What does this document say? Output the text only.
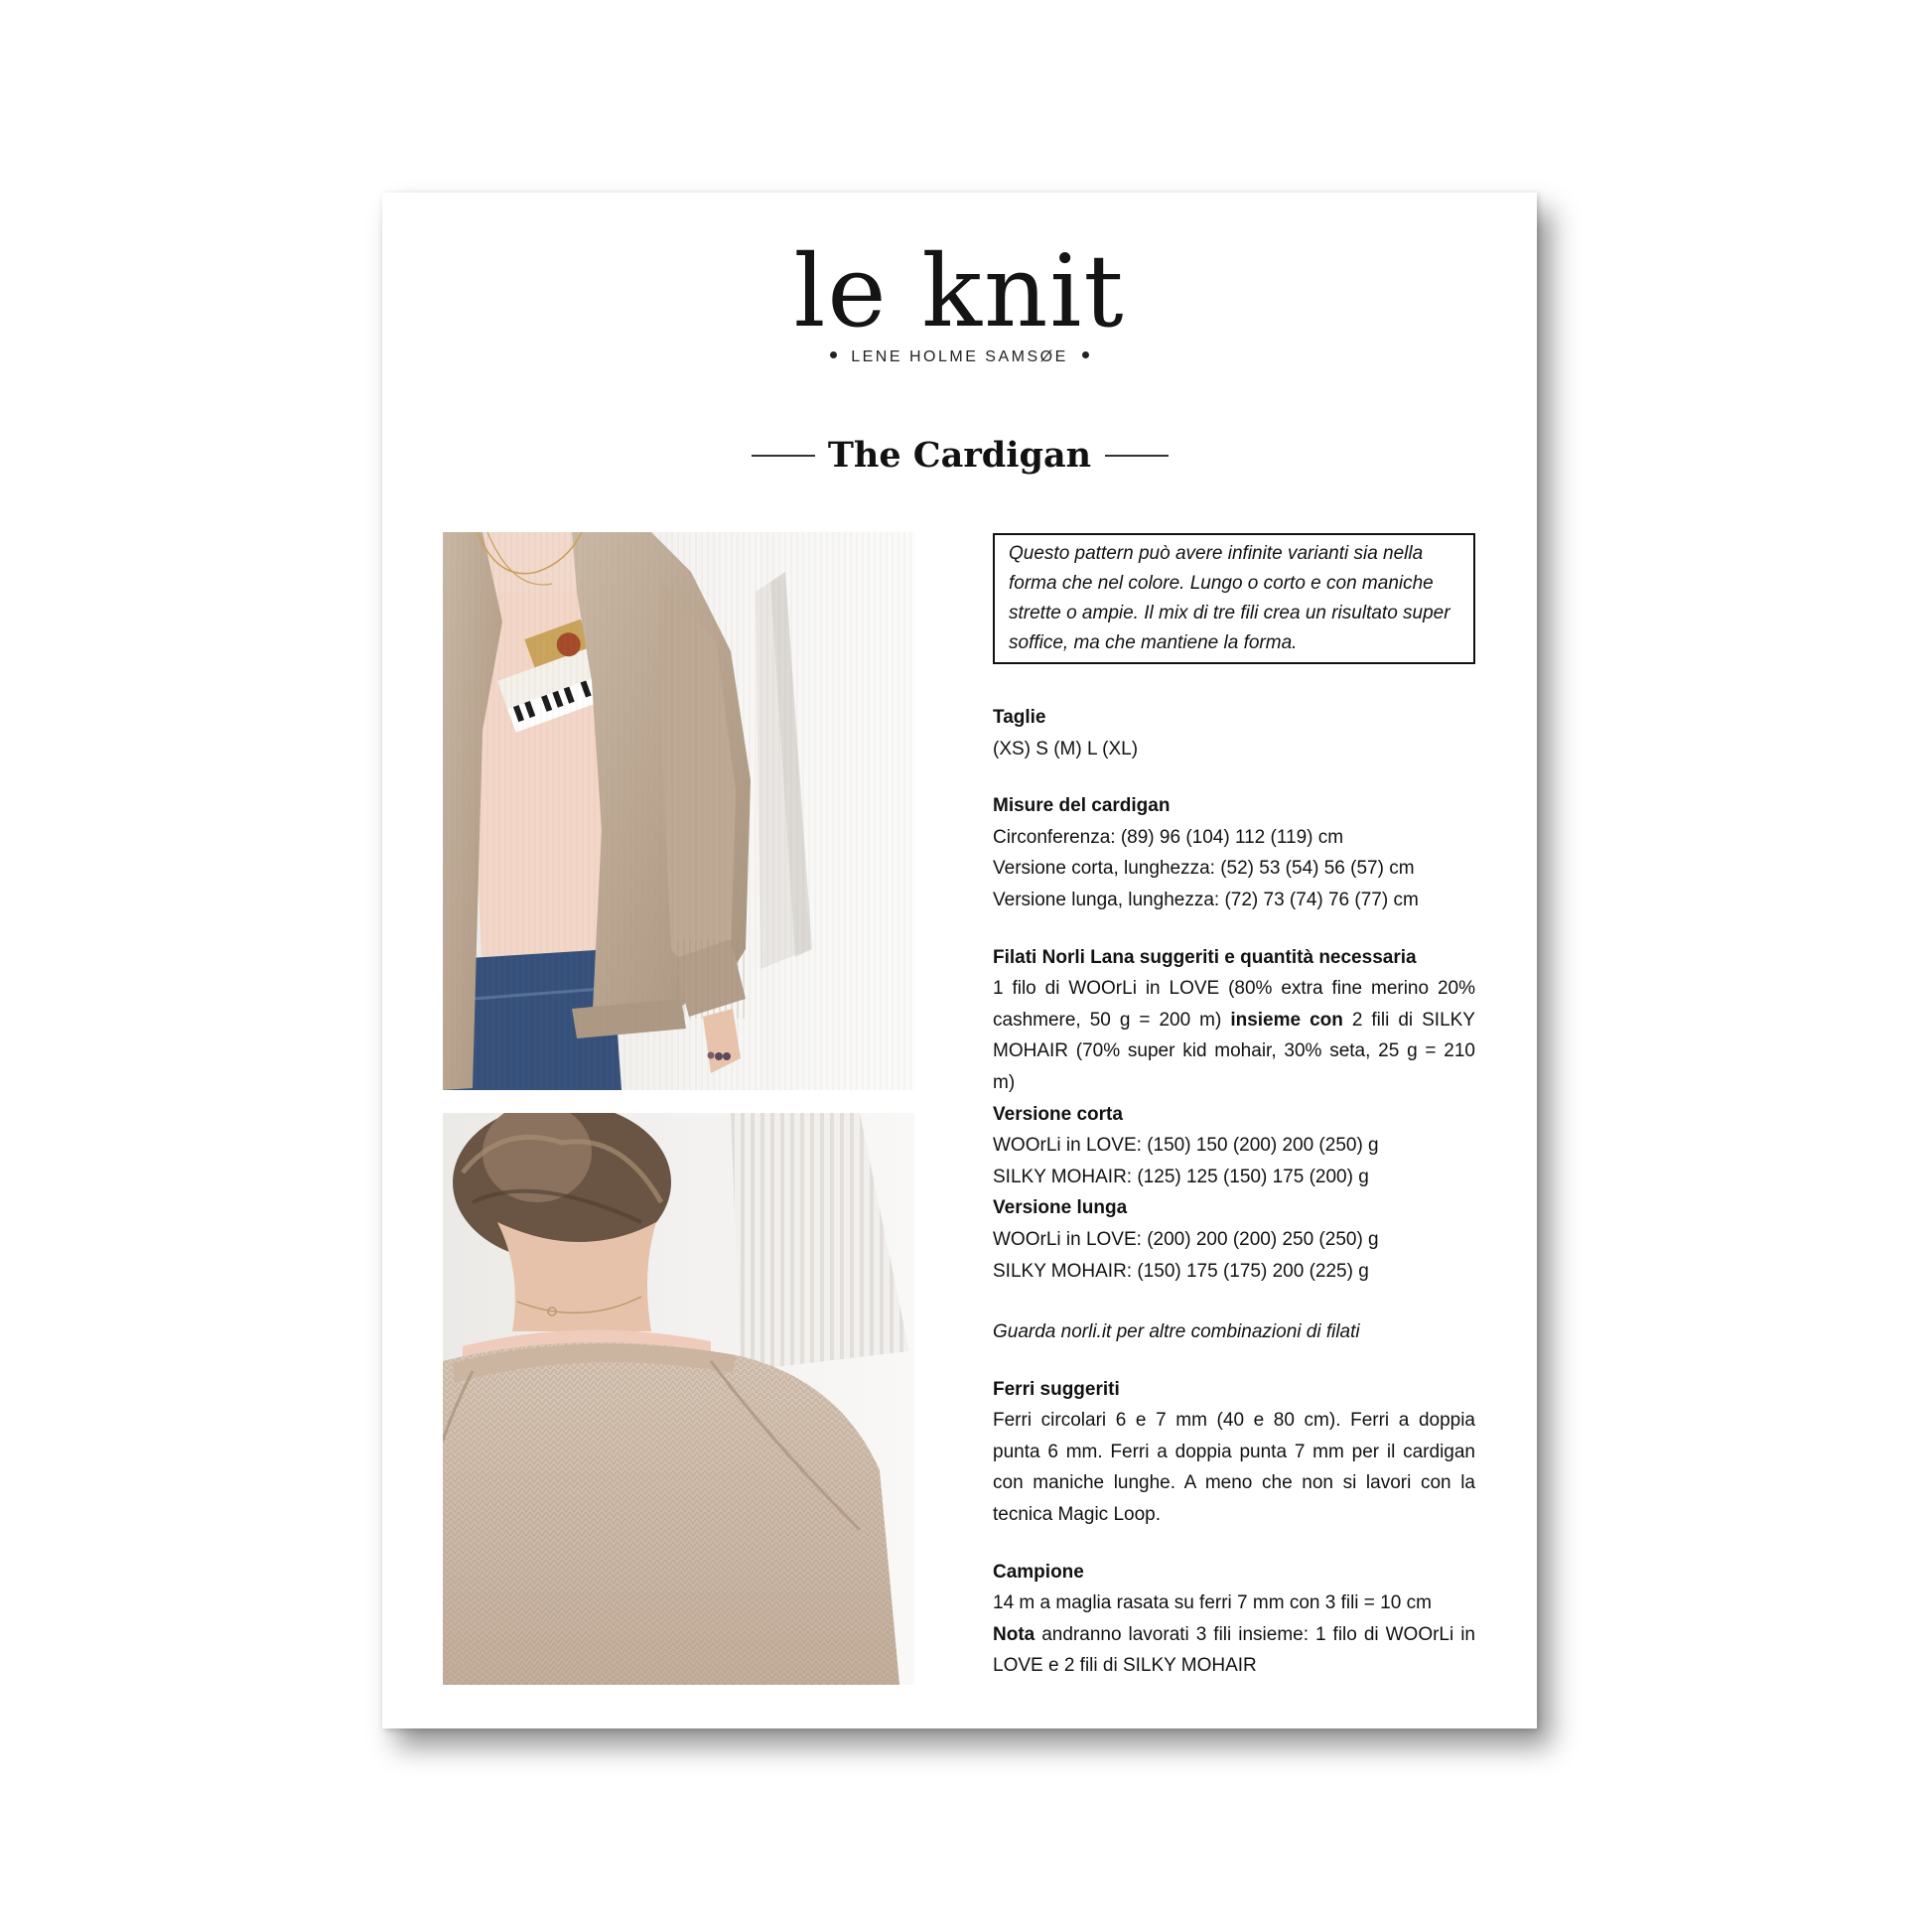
le knit
LENE HOLME SAMSØE
The Cardigan
Questo pattern può avere infinite varianti sia nella forma che nel colore. Lungo o corto e con maniche strette o ampie. Il mix di tre fili crea un risultato super soffice, ma che mantiene la forma.

Taglie

(XS) S (M) L (XL)

Misure del cardigan

Circonferenza: (89) 96 (104) 112 (119) cm

Versione corta, lunghezza: (52) 53 (54) 56 (57) cm

Versione lunga, lunghezza: (72) 73 (74) 76 (77) cm

Filati Norli Lana suggeriti e quantità necessaria

1 filo di WOOrLi in LOVE (80% extra fine merino 20% cashmere, 50 g = 200 m) insieme con 2 fili di SILKY MOHAIR (70% super kid mohair, 30% seta, 25 g = 210 m)

Versione corta

WOOrLi in LOVE: (150) 150 (200) 200 (250) g

SILKY MOHAIR: (125) 125 (150) 175 (200) g

Versione lunga

WOOrLi in LOVE: (200) 200 (200) 250 (250) g

SILKY MOHAIR: (150) 175 (175) 200 (225) g

Guarda norli.it per altre combinazioni di filati

Ferri suggeriti

Ferri circolari 6 e 7 mm (40 e 80 cm). Ferri a doppia punta 6 mm. Ferri a doppia punta 7 mm per il cardigan con maniche lunghe. A meno che non si lavori con la tecnica Magic Loop.

Campione

14 m a maglia rasata su ferri 7 mm con 3 fili = 10 cm

Nota andranno lavorati 3 fili insieme: 1 filo di WOOrLi in LOVE e 2 fili di SILKY MOHAIR
